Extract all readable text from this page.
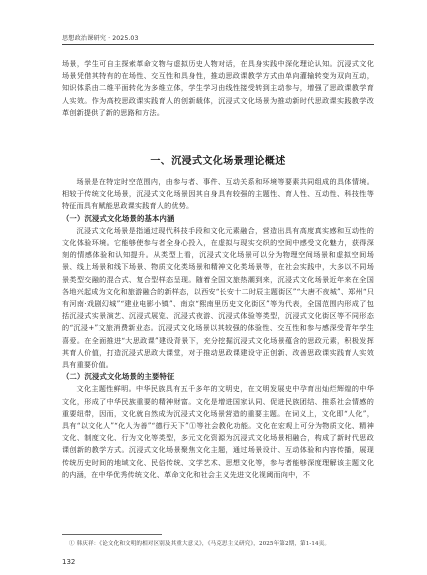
思想政治课研究 · 2025.03

场景，学生可自主探索革命文物与虚拟历史人物对话，在具身实践中深化理论认知。沉浸式文化场景凭借其特有的在场性、交互性和具身性，推动思政课教学方式由单向灌输转变为双向互动，知识体系由二维平面转化为多维立体，学生学习由线性接受转到主动参与，增强了思政课教学育人实效。作为高校思政课实践育人的创新载体，沉浸式文化场景为推动新时代思政课实践教学改革创新提供了新的思路和方法。

一、沉浸式文化场景理论概述

场景是在特定时空范围内，由参与者、事件、互动关系和环境等要素共同组成的具体情境。相较于传统文化场景，沉浸式文化场景因其自身具有较强的主题性、育人性、互动性、科技性等特征而具有赋能思政课实践育人的优势。

（一）沉浸式文化场景的基本内涵

沉浸式文化场景是指通过现代科技手段和文化元素融合，营造出具有高度真实感和互动性的文化体验环境。它能够使参与者全身心投入，在虚拟与现实交织的空间中感受文化魅力，获得深刻的情感体验和认知提升。从类型上看，沉浸式文化场景可以分为物理空间场景和虚拟空间场景、线上场景和线下场景、物质文化类场景和精神文化类场景等，在社会实践中，大多以不同场景类型交融的混合式、复合型样态呈现。随着全国文旅热潮到来，沉浸式文化场景近年来在全国各地兴起成为文化和旅游融合的新样态，以西安“长安十二时辰主题街区”“大唐不夜城”、郑州“只有河南·戏剧幻城”“建业电影小镇”、南京“熙南里历史文化街区”等为代表，全国范围内形成了包括沉浸式实景演艺、沉浸式展览、沉浸式夜游、沉浸式体验等类型，沉浸式文化街区等不同形态的“沉浸+”文旅消费新业态。沉浸式文化场景以其较强的体验性、交互性和参与感深受青年学生喜爱。在全面推进“大思政课”建设背景下，充分挖掘沉浸式文化场景蕴含的思政元素，积极发挥其育人价值，打造沉浸式思政大课堂，对于推动思政课建设守正创新、改善思政课实践育人实效具有重要价值。

（二）沉浸式文化场景的主要特征

文化主题性鲜明。中华民族具有五千多年的文明史，在文明发展史中孕育出灿烂辉煌的中华文化，形成了中华民族重要的精神财富。文化是增进国家认同、促进民族团结、推系社会情感的重要纽带，因而，文化就自然成为沉浸式文化场景营造的重要主题。在词义上，文化即“人化”，具有“以文化人”“化人为善”“德行天下”①等社会教化功能。文化在宏观上可分为物质文化、精神文化、制度文化、行为文化等类型，多元文化资源为沉浸式文化场景相融合，构成了新时代思政课创新的教学方式。沉浸式文化场景聚焦文化主题，通过场景设计、互动体验和内容传播，展现传统历史时间的地域文化、民俗传统、文学艺术、思想文化等，参与者能够深度理解该主题文化的内涵，在中华优秀传统文化、革命文化和社会主义先进文化视阈而向中，不

① 韩庆祥：《论文化和文明的相对区别及其重大意义》，《马克思主义研究》，2025年第2期，第1-14页。
132
